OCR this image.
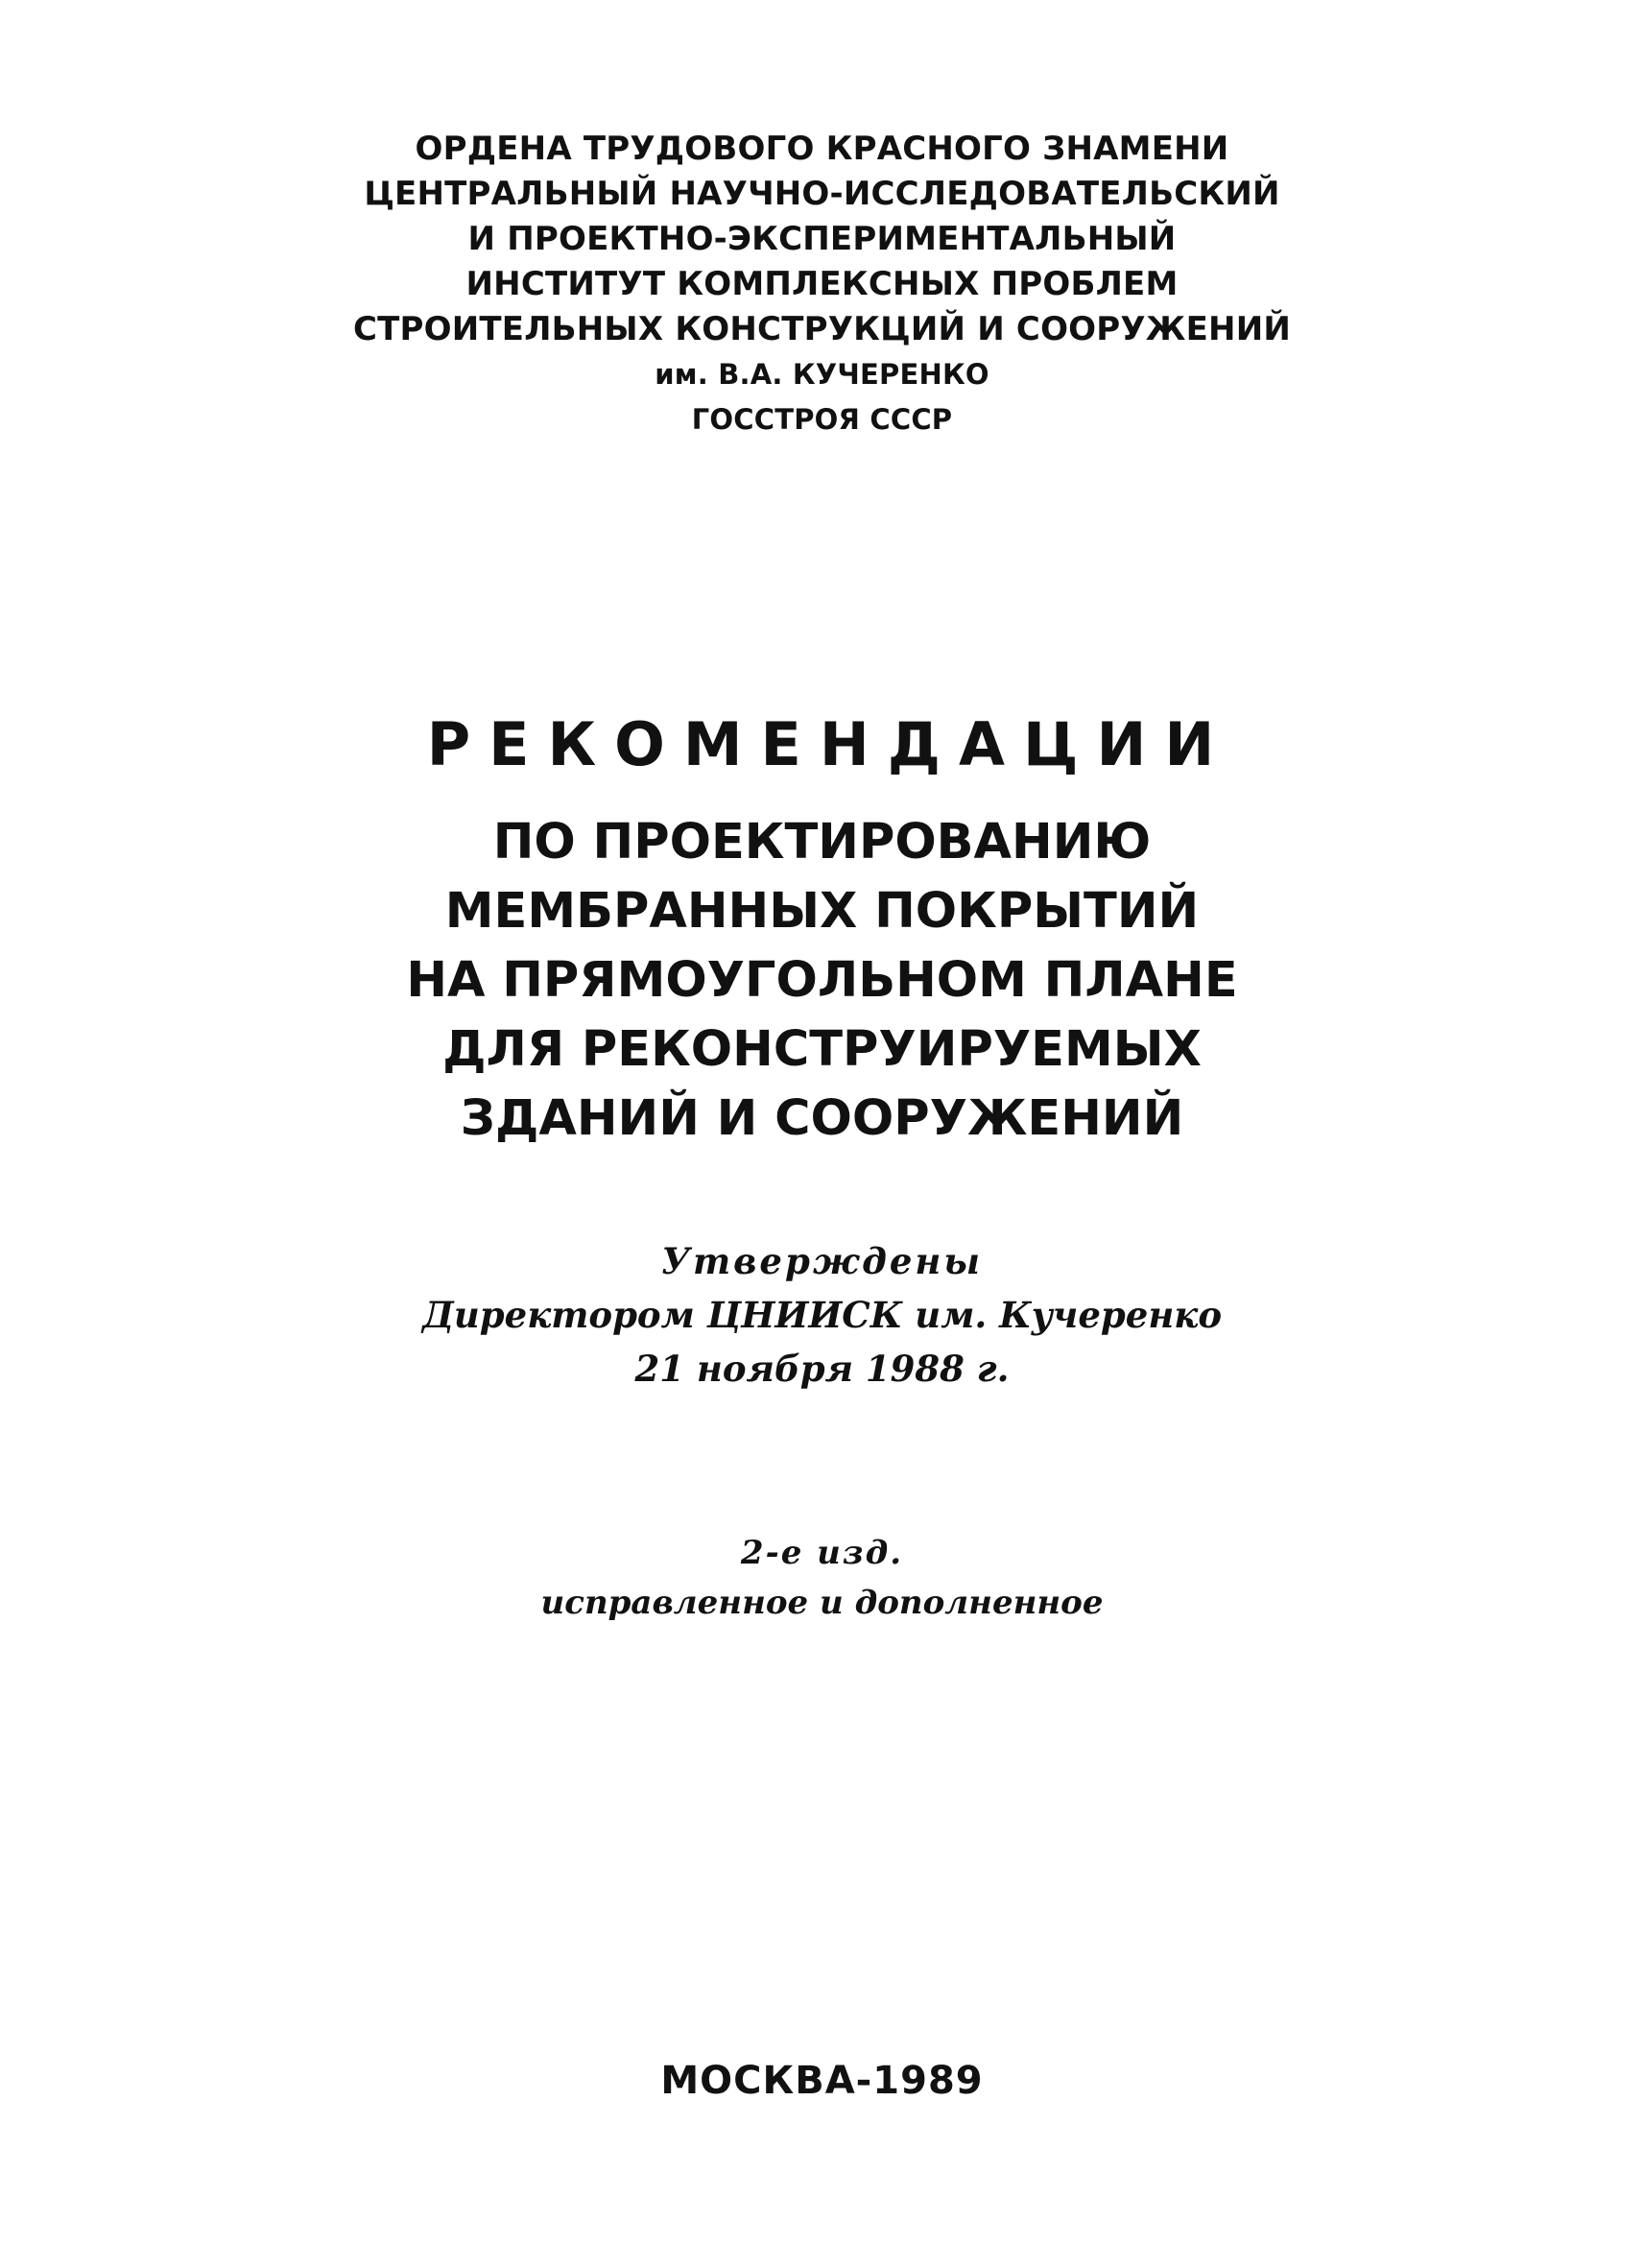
ОРДЕНА ТРУДОВОГО КРАСНОГО ЗНАМЕНИ
ЦЕНТРАЛЬНЫЙ НАУЧНО-ИССЛЕДОВАТЕЛЬСКИЙ
И ПРОЕКТНО-ЭКСПЕРИМЕНТАЛЬНЫЙ
ИНСТИТУТ КОМПЛЕКСНЫХ ПРОБЛЕМ
СТРОИТЕЛЬНЫХ КОНСТРУКЦИЙ И СООРУЖЕНИЙ
им. В.А. КУЧЕРЕНКО
ГОССТРОЯ СССР
РЕКОМЕНДАЦИИ
ПО ПРОЕКТИРОВАНИЮ
МЕМБРАННЫХ ПОКРЫТИЙ
НА ПРЯМОУГОЛЬНОМ ПЛАНЕ
ДЛЯ РЕКОНСТРУИРУЕМЫХ
ЗДАНИЙ И СООРУЖЕНИЙ
Утверждены
Директором ЦНИИСК им. Кучеренко
21 ноября 1988 г.
2-е изд.
исправленное и дополненное
МОСКВА-1989
